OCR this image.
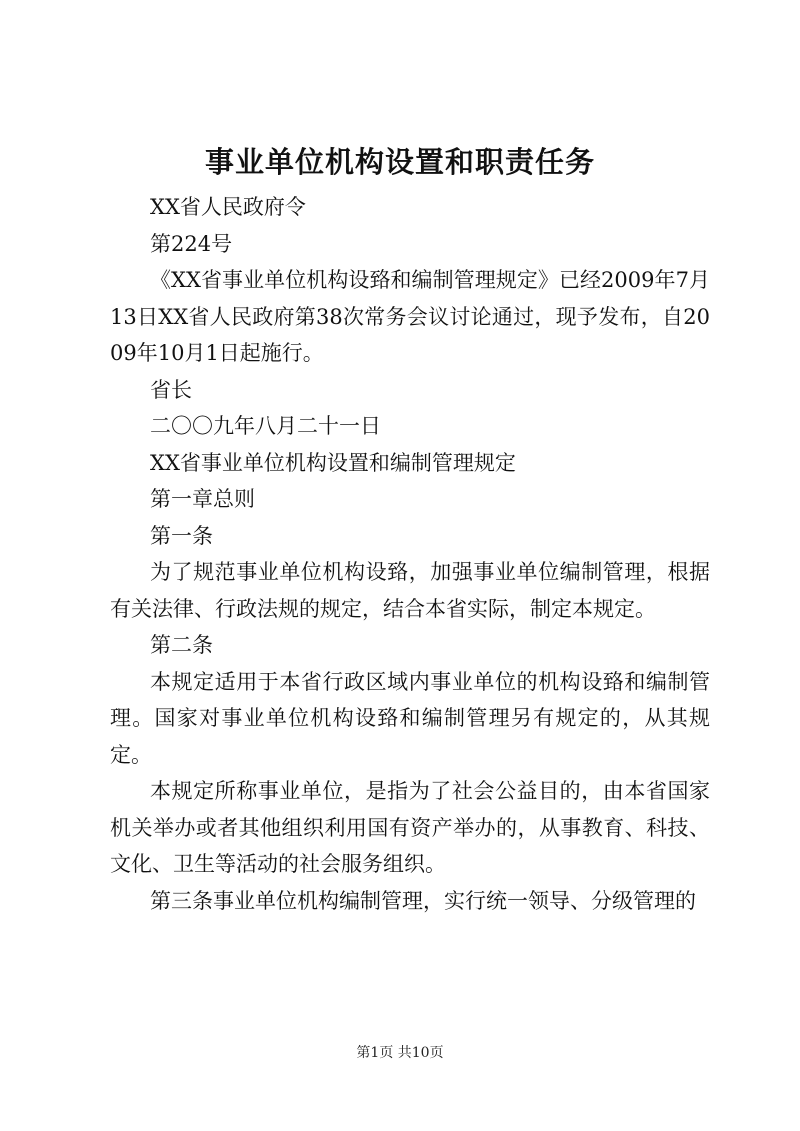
事业单位机构设置和职责任务

XX省人民政府令

第224号

《XX省事业单位机构设臵和编制管理规定》已经2009年7月13日XX省人民政府第38次常务会议讨论通过，现予发布，自2009年10月1日起施行。

省长

二〇〇九年八月二十一日

XX省事业单位机构设置和编制管理规定

第一章总则

第一条

为了规范事业单位机构设臵，加强事业单位编制管理，根据有关法律、行政法规的规定，结合本省实际，制定本规定。

第二条

本规定适用于本省行政区域内事业单位的机构设臵和编制管理。国家对事业单位机构设臵和编制管理另有规定的，从其规定。

本规定所称事业单位，是指为了社会公益目的，由本省国家机关举办或者其他组织利用国有资产举办的，从事教育、科技、文化、卫生等活动的社会服务组织。

第三条事业单位机构编制管理，实行统一领导、分级管理的

第1页 共10页
